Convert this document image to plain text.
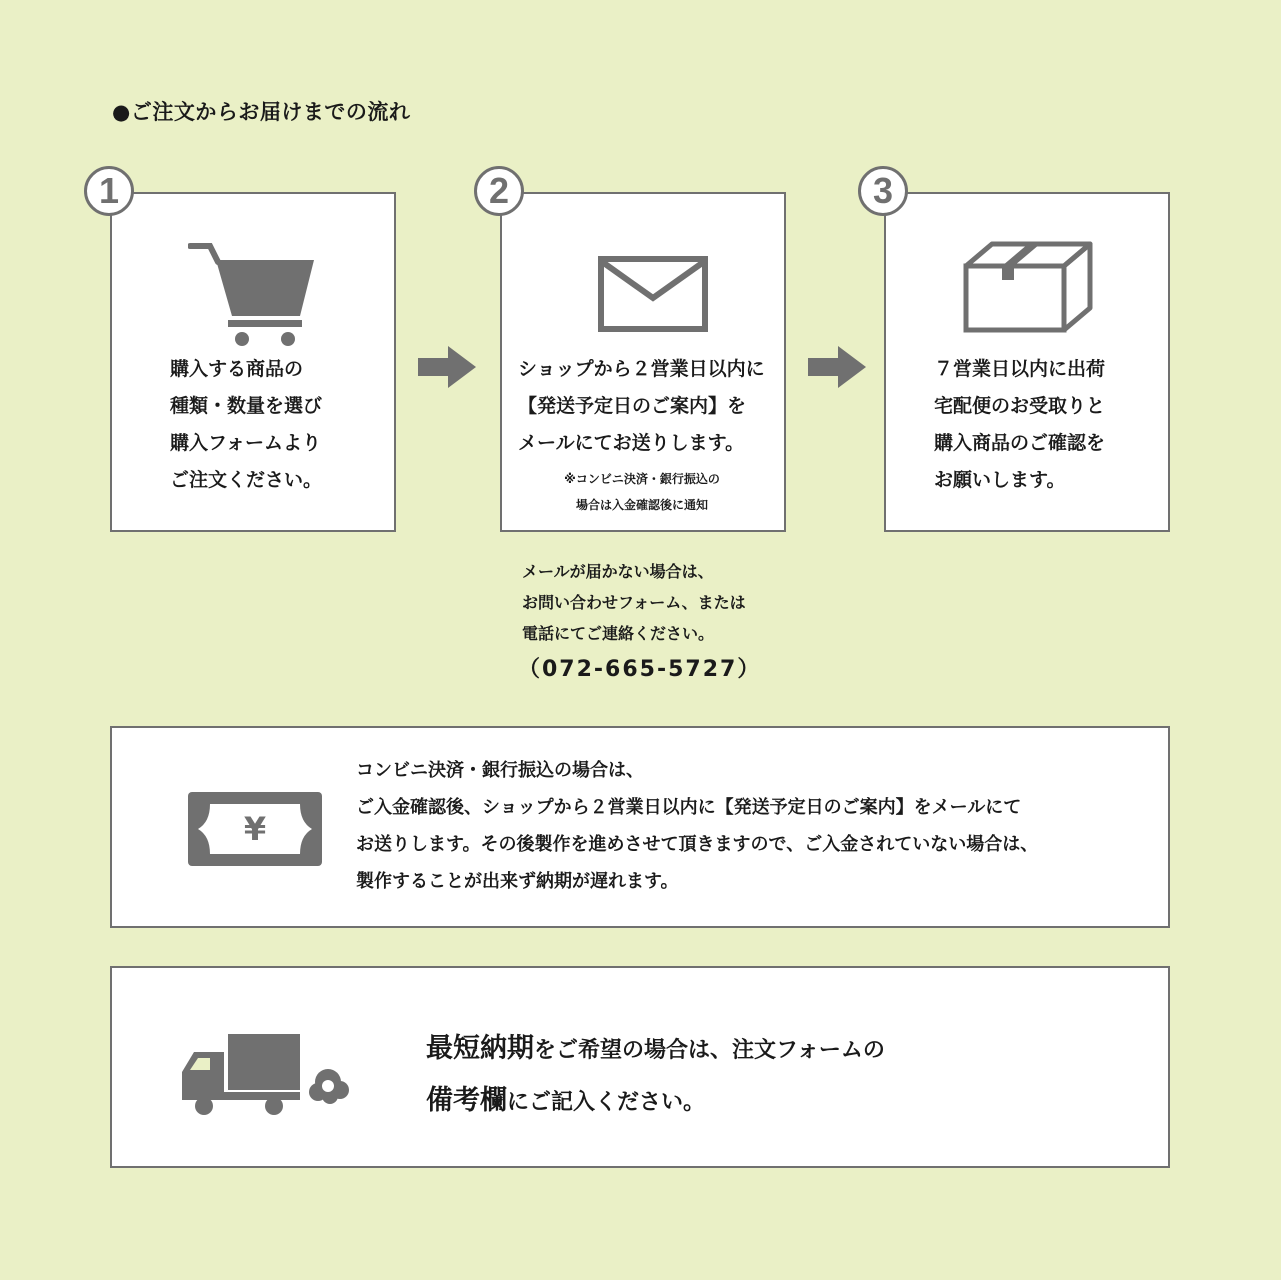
●ご注文からお届けまでの流れ
購入する商品の
種類・数量を選び
購入フォームより
ご注文ください。
1
ショップから２営業日以内に
【発送予定日のご案内】を
メールにてお送りします。
※コンビニ決済・銀行振込の
場合は入金確認後に通知
2
７営業日以内に出荷
宅配便のお受取りと
購入商品のご確認を
お願いします。
3
メールが届かない場合は、
お問い合わせフォーム、または
電話にてご連絡ください。
（072-665-5727）
¥
コンビニ決済・銀行振込の場合は、
ご入金確認後、ショップから２営業日以内に【発送予定日のご案内】をメールにて
お送りします。その後製作を進めさせて頂きますので、ご入金されていない場合は、
製作することが出来ず納期が遅れます。
最短納期をご希望の場合は、注文フォームの
備考欄にご記入ください。
